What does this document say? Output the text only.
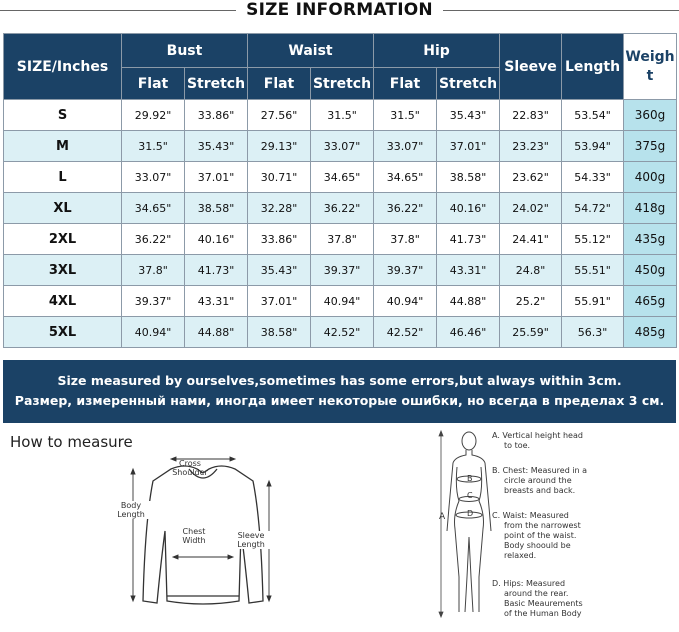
SIZE INFORMATION
SIZE/Inches	Bust		Waist		Hip		Sleeve	Length	Weigh
t

	Flat	Stretch	Flat	Stretch	Flat	Stretch			
S	29.92"	33.86"	27.56"	31.5"	31.5"	35.43"	22.83"	53.54"	360g
M	31.5"	35.43"	29.13"	33.07"	33.07"	37.01"	23.23"	53.94"	375g
L	33.07"	37.01"	30.71"	34.65"	34.65"	38.58"	23.62"	54.33"	400g
XL	34.65"	38.58"	32.28"	36.22"	36.22"	40.16"	24.02"	54.72"	418g
2XL	36.22"	40.16"	33.86"	37.8"	37.8"	41.73"	24.41"	55.12"	435g
3XL	37.8"	41.73"	35.43"	39.37"	39.37"	43.31"	24.8"	55.51"	450g
4XL	39.37"	43.31"	37.01"	40.94"	40.94"	44.88"	25.2"	55.91"	465g
5XL	40.94"	44.88"	38.58"	42.52"	42.52"	46.46"	25.59"	56.3"	485g
Size measured by ourselves,sometimes has some errors,but always within 3cm.
Размер, измеренный нами, иногда имеет некоторые ошибки, но всегда в пределах 3 см.
How to measure
Cross
Shoulder
Body
Length
Chest
Width
Sleeve
Length
A
B
C
D
A. Vertical height head
to toe.
B. Chest: Measured in a
circle around the
breasts and back.
C. Waist: Measured
from the narrowest
point of the waist.
Body shoould be
relaxed.
D. Hips: Measured
around the rear.
Basic Meaurements
of the Human Body
